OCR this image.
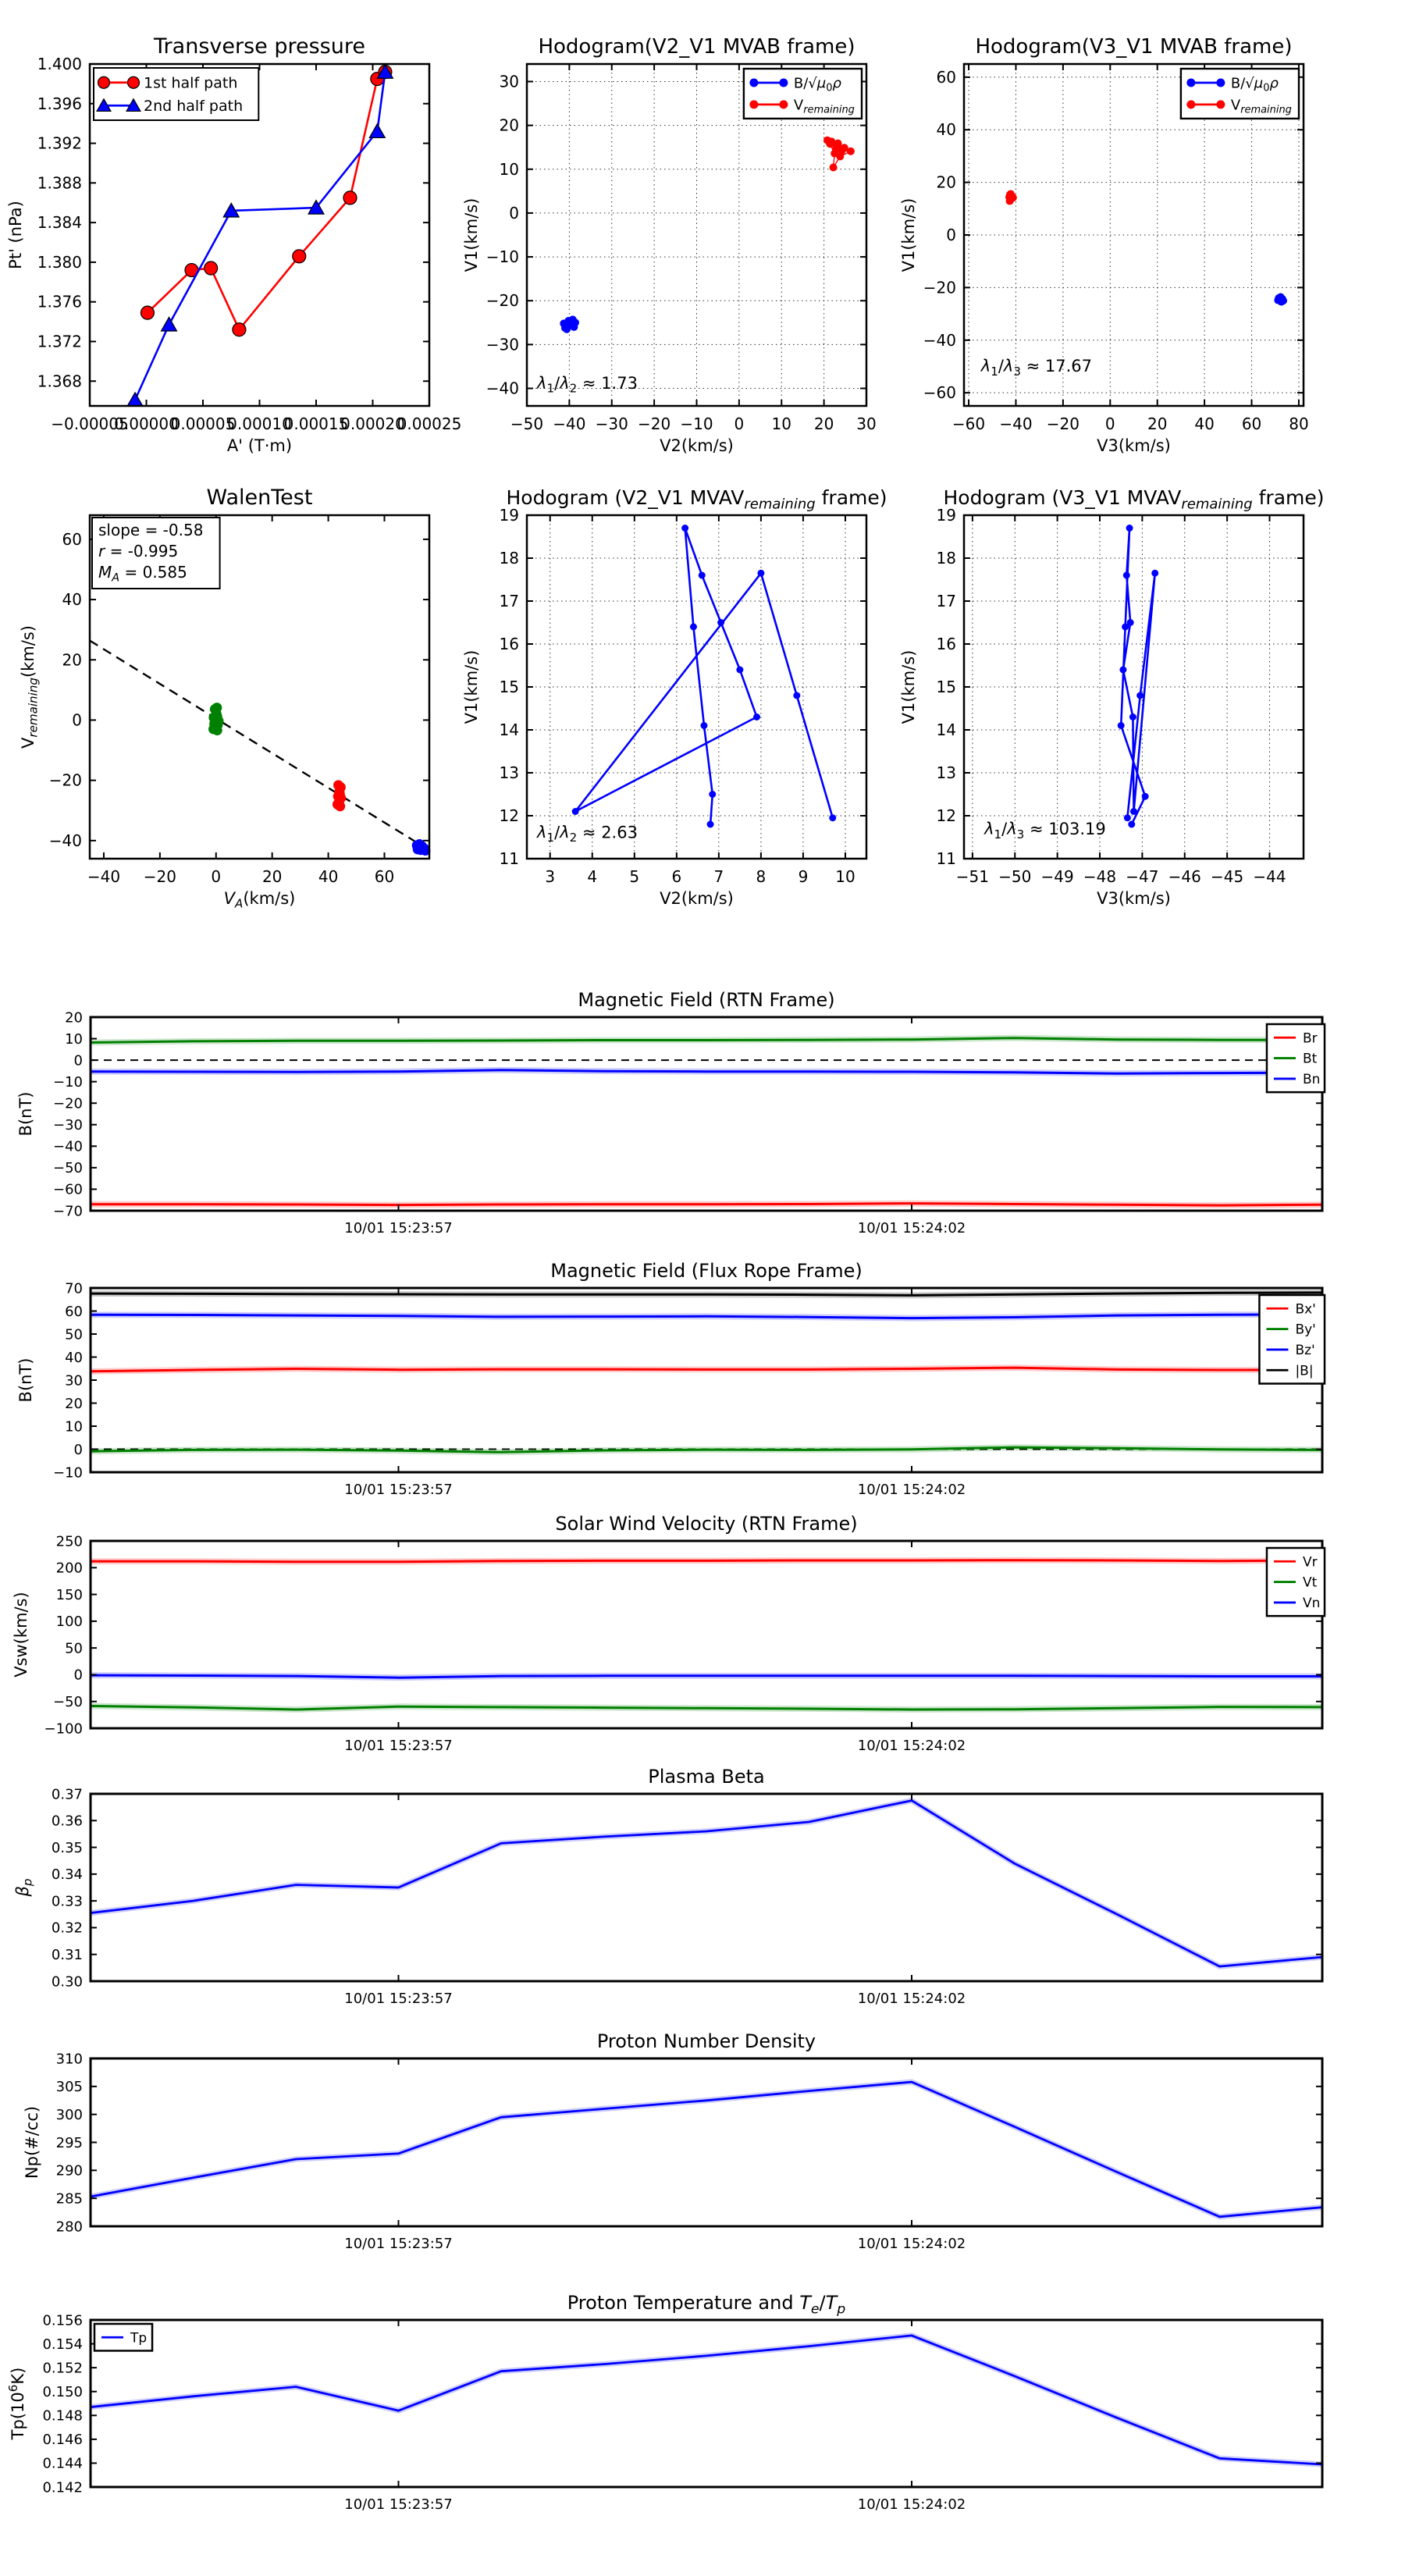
−0.00005
0.00000
0.00005
0.00010
0.00015
0.00020
0.00025
1.368
1.372
1.376
1.380
1.384
1.388
1.392
1.396
1.400
A' (T·m)
Pt' (nPa)
Transverse pressure
1st half path
2nd half path
−50 −40 −30 −20 −10 0 10 20 30
−40
−30
−20
−10
0
10
20
30
V2(km/s)
V1(km/s)
Hodogram(V2_V1 MVAB frame)
$\lambda_1/\lambda_2 \approx 1.73$
$B/√\mu_0\rho$
$V_{remaining}$
−60 −40 −20 0 20 40 60 80
−60
−40
−20
0
20
40
60
V3(km/s)
V1(km/s)
Hodogram(V3_V1 MVAB frame)
$\lambda_1/\lambda_3 \approx 17.67$
$B/√\mu_0\rho$
$V_{remaining}$
−40 −20 0	20 40 60
−40
−20
0
20
40
60
$V_A(km/s)$
$V_{remaining}(km/s)$
WalenTest
slope = -0.58
r = -0.995
$M_A = 0.585$
3 4 5 6 7 8 9 10
11
12
13
14
15
16
17
18
19
V2(km/s)
V1(km/s)
Hodogram (V2_V1 $MVAV_{remaining}$ frame)
$\lambda_1/\lambda_2 \approx 2.63$
−51 −50 −49 −48 −47 −46 −45 −44
11
12
13
14
15
16
17
18
19
V3(km/s)
V1(km/s)
Hodogram (V3_V1 $MVAV_{remaining}$ frame)
$\lambda_1/\lambda_3 \approx 103.19$
10/01 15:23:57	10/01 15:24:02
−70
−60
−50
−40
−30
−20
−10
0
10
20
B(nT)
Magnetic Field (RTN Frame)
Br
Bt
Bn
10/01 15:23:57	10/01 15:24:02
−10
0
10
20
30
40
50
60
70
B(nT)
Magnetic Field (Flux Rope Frame)
Bx'
By'
Bz'
|B|
10/01 15:23:57	10/01 15:24:02
−100
−50
0
50
100
150
200
250
Vsw(km/s)
Solar Wind Velocity (RTN Frame)
Vr
Vt
Vn
10/01 15:23:57	10/01 15:24:02
0.30
0.31
0.32
0.33
0.34
0.35
0.36
0.37
$\beta_p$
Plasma Beta
10/01 15:23:57	10/01 15:24:02
280
285
290
295
300
305
310
Np(#/cc)
Proton Number Density
10/01 15:23:57	10/01 15:24:02
0.142
0.144
0.146
0.148
0.150
0.152
0.154
0.156
$Tp(10^6K)$
Proton Temperature and $T_e/T_p$
Tp
